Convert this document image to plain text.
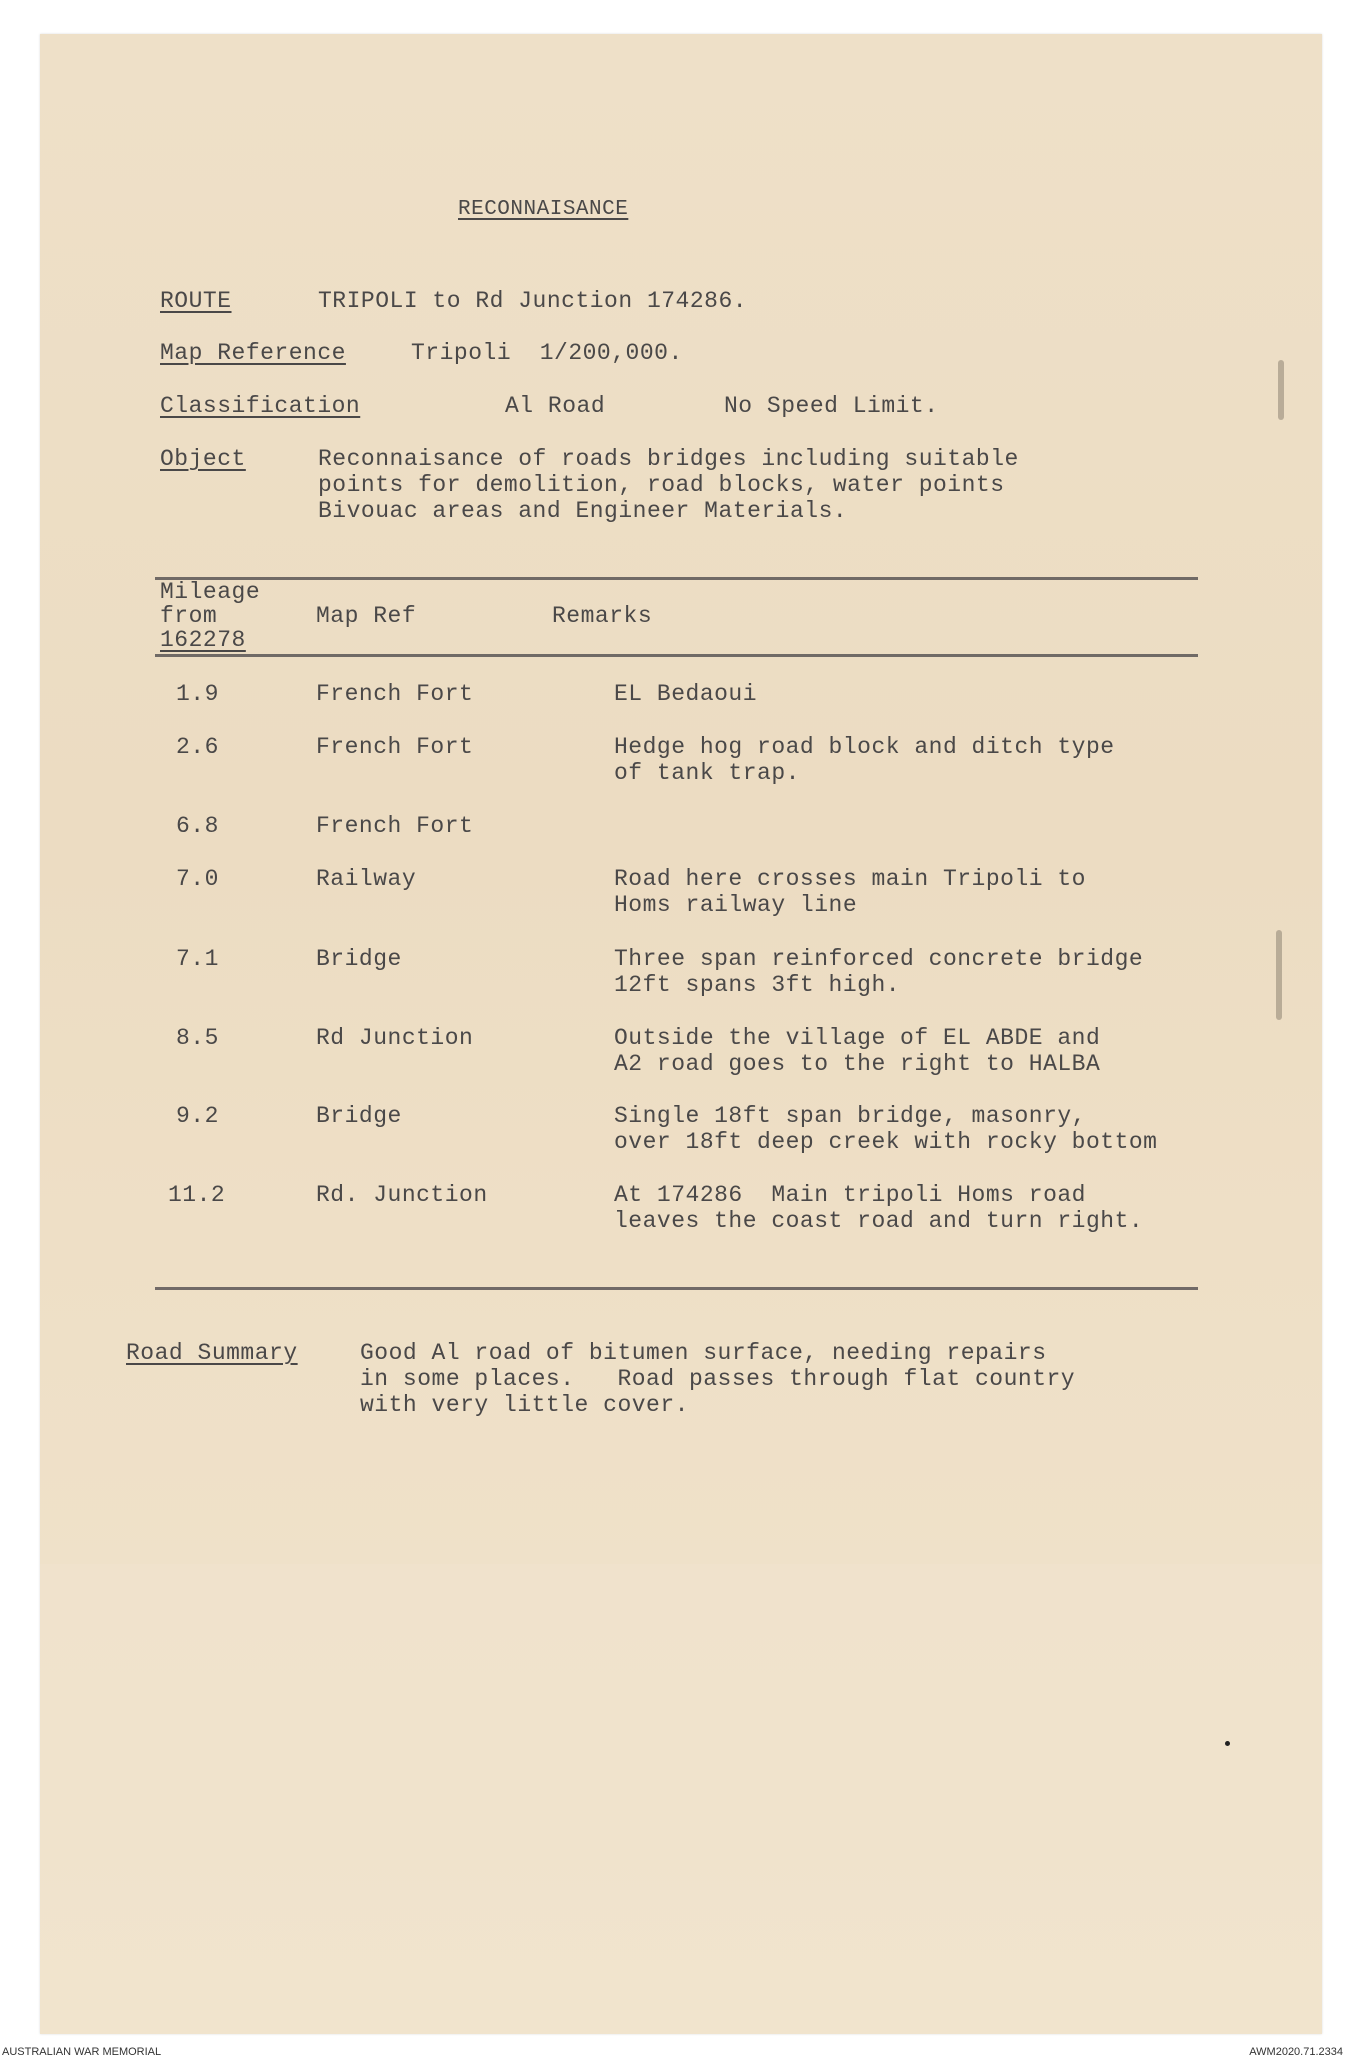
RECONNAISANCE
ROUTE	TRIPOLI to Rd Junction 174286.
Map Reference	Tripoli  1/200,000.
Classification	Al Road	No Speed Limit.
Object	Reconnaisance of roads bridges including suitable
points for demolition, road blocks, water points
Bivouac areas and Engineer Materials.
Mileage
from
162278
Map Ref	Remarks
1.9	French Fort	EL Bedaoui
2.6	French Fort	Hedge hog road block and ditch type
of tank trap.
6.8	French Fort
7.0	Railway	Road here crosses main Tripoli to
Homs railway line
7.1	Bridge	Three span reinforced concrete bridge
12ft spans 3ft high.
8.5	Rd Junction	Outside the village of EL ABDE and
A2 road goes to the right to HALBA
9.2	Bridge	Single 18ft span bridge, masonry,
over 18ft deep creek with rocky bottom
11.2	Rd. Junction	At 174286  Main tripoli Homs road
leaves the coast road and turn right.
Road Summary	Good Al road of bitumen surface, needing repairs
in some places.   Road passes through flat country
with very little cover.
AUSTRALIAN WAR MEMORIAL	AWM2020.71.2334
